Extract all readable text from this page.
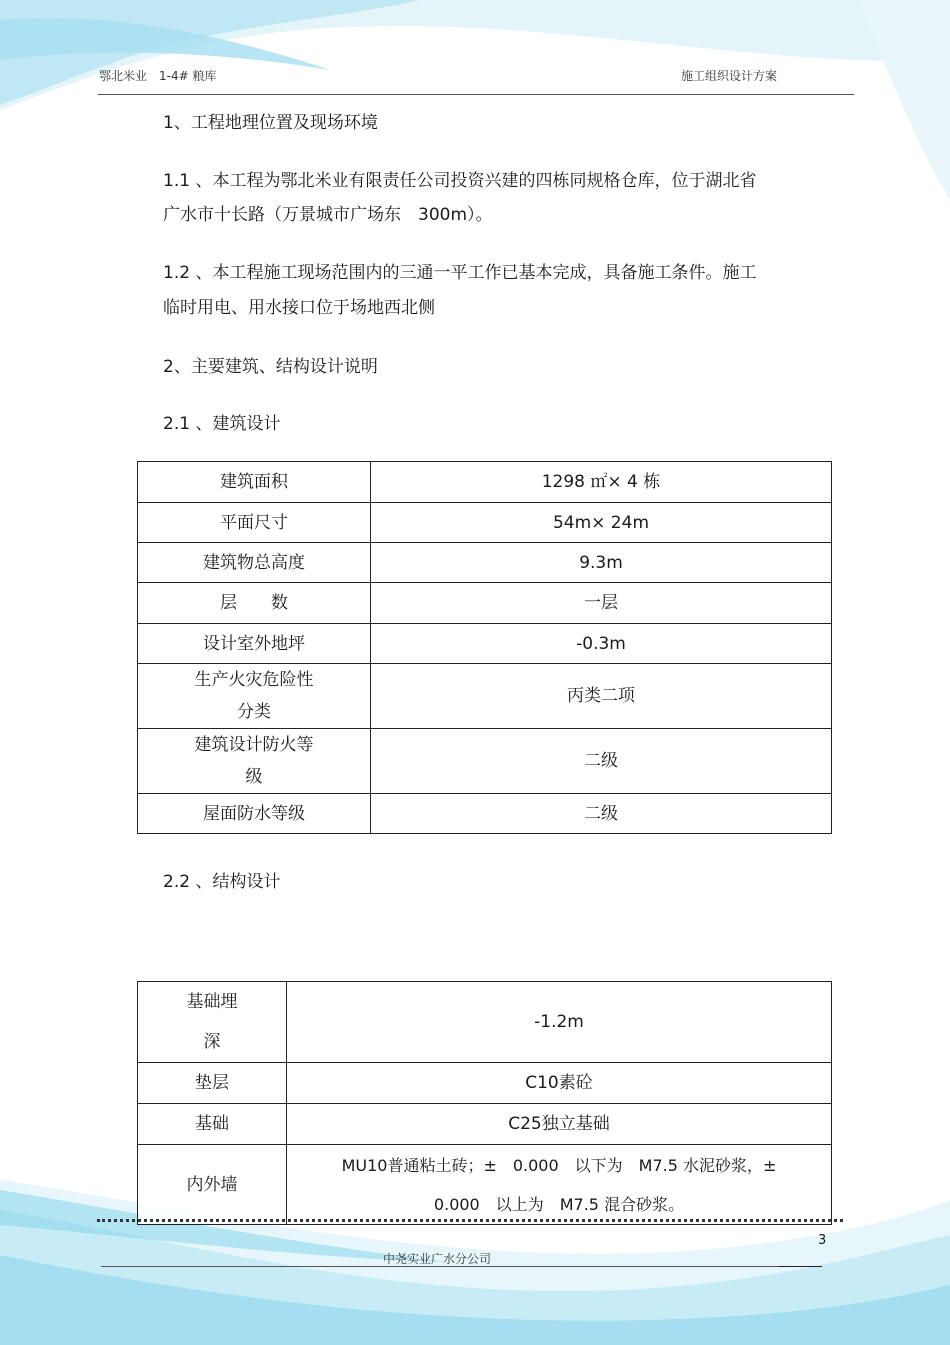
鄂北米业　1-4# 粮库	施工组织设计方案
1、工程地理位置及现场环境
1.1 、本工程为鄂北米业有限责任公司投资兴建的四栋同规格仓库，位于湖北省
广水市十长路（万景城市广场东　300m）。
1.2 、本工程施工现场范围内的三通一平工作已基本完成，具备施工条件。施工
临时用电、用水接口位于场地西北侧
2、主要建筑、结构设计说明
2.1 、建筑设计
建筑面积	1298 ㎡× 4 栋
平面尺寸	54m× 24m
建筑物总高度	9.3m
层　　数	一层
设计室外地坪	-0.3m

生产火灾危险性
分类	丙类二项

建筑设计防火等
级	二级
屋面防水等级	二级
2.2 、结构设计
基础埋
深	-1.2m
垫层	C10素砼
基础	C25独立基础
内外墙	MU10普通粘土砖；±　0.000　以下为　M7.5 水泥砂浆，±
0.000　以上为　M7.5 混合砂浆。
3
中尧实业广水分公司
